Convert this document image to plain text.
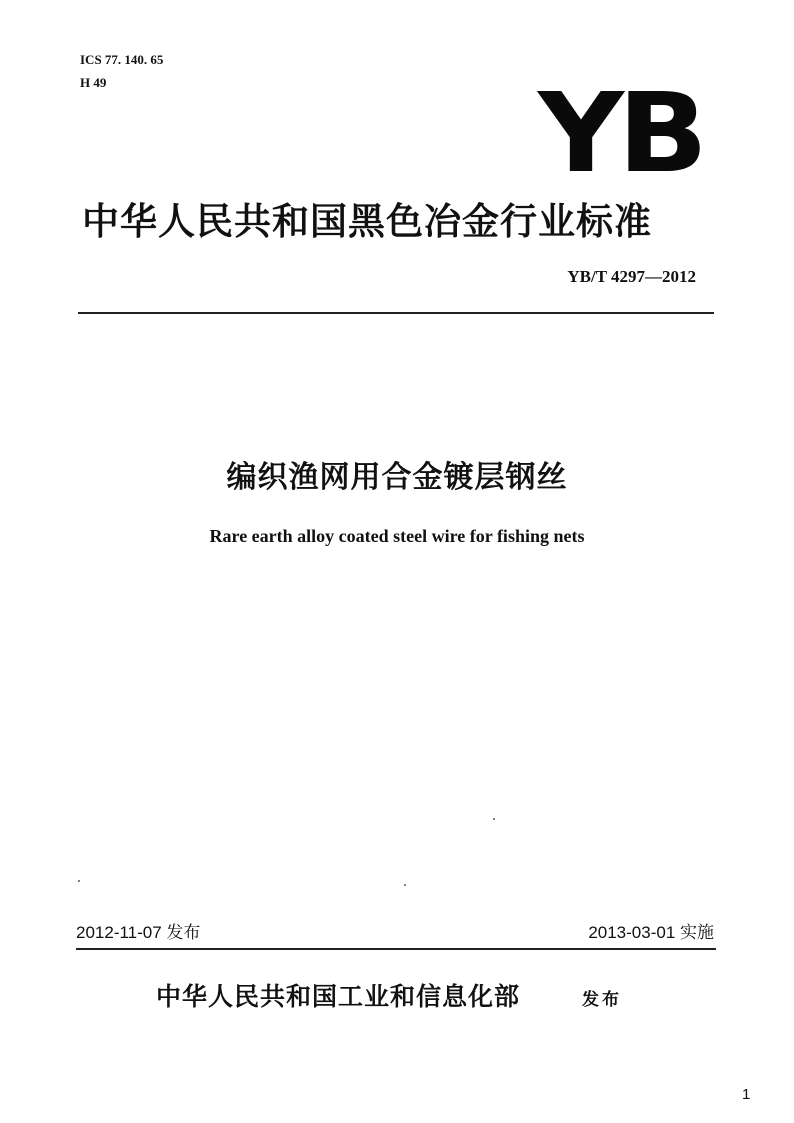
ICS 77. 140. 65
H 49	YB
中华人民共和国黑色冶金行业标准
YB/T 4297—2012
编织渔网用合金镀层钢丝
Rare earth alloy coated steel wire for fishing nets
2012-11-07 发布	2013-03-01 实施
中华人民共和国工业和信息化部	发布
1
